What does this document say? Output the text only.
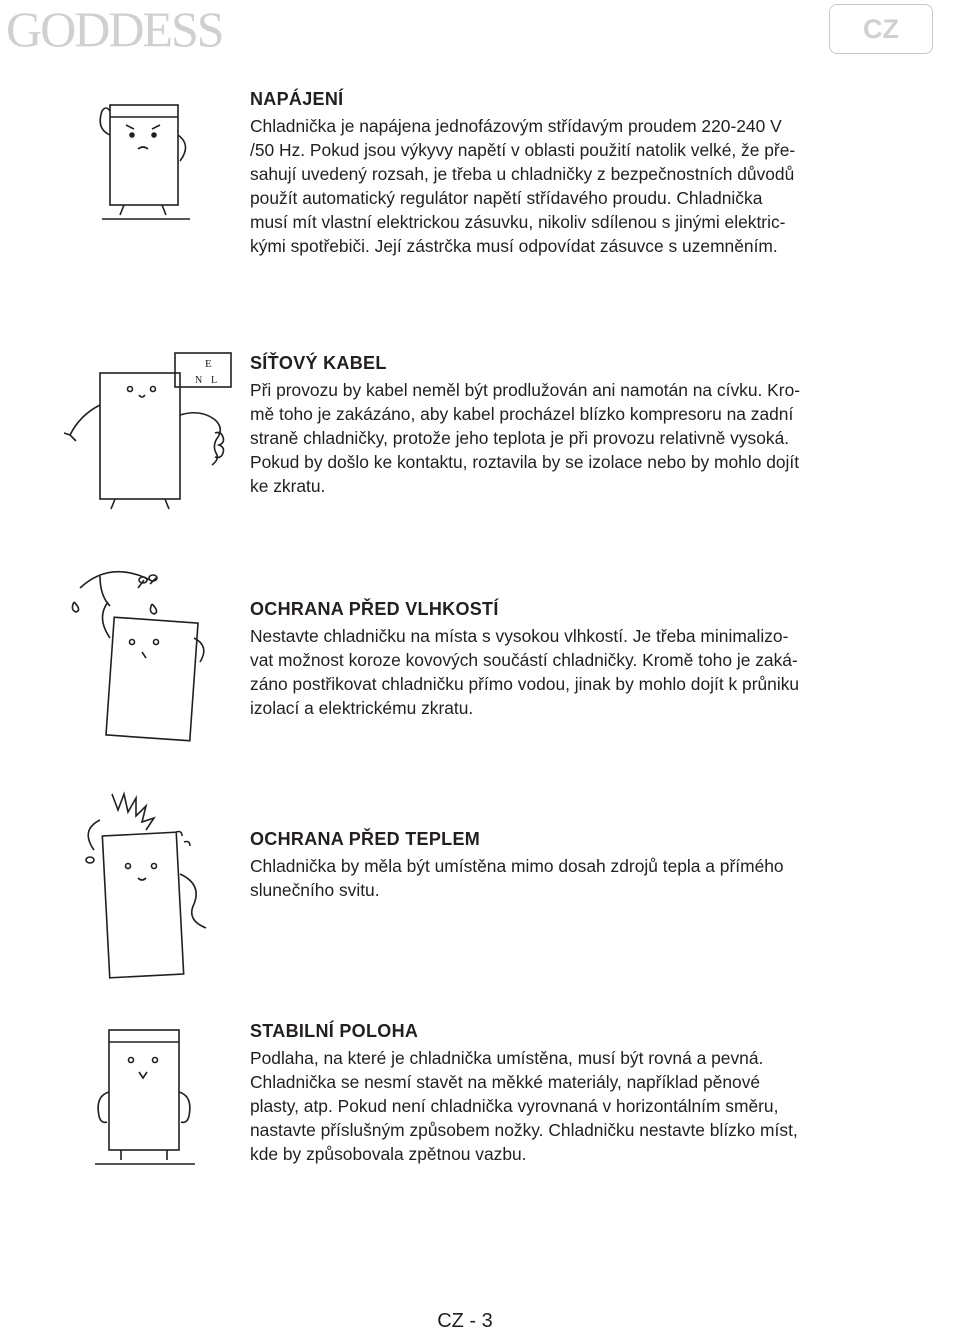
GODDESS	CZ
NAPÁJENÍ

Chladnička je napájena jednofázovým střídavým proudem 220-240 V
/50 Hz. Pokud jsou výkyvy napětí v oblasti použití natolik velké, že pře-
sahují uvedený rozsah, je třeba u chladničky z bezpečnostních důvodů
použít automatický regulátor napětí střídavého proudu. Chladnička
musí mít vlastní elektrickou zásuvku, nikoliv sdílenou s jinými elektric-
kými spotřebiči. Její zástrčka musí odpovídat zásuvce s uzemněním.

E
N L
SÍŤOVÝ KABEL

Při provozu by kabel neměl být prodlužován ani namotán na cívku. Kro-
mě toho je zakázáno, aby kabel procházel blízko kompresoru na zadní
straně chladničky, protože jeho teplota je při provozu relativně vysoká.
Pokud by došlo ke kontaktu, roztavila by se izolace nebo by mohlo dojít
ke zkratu.

OCHRANA PŘED VLHKOSTÍ

Nestavte chladničku na místa s vysokou vlhkostí. Je třeba minimalizo-
vat možnost koroze kovových součástí chladničky. Kromě toho je zaká-
záno postřikovat chladničku přímo vodou, jinak by mohlo dojít k průniku
izolací a elektrickému zkratu.

OCHRANA PŘED TEPLEM

Chladnička by měla být umístěna mimo dosah zdrojů tepla a přímého
slunečního svitu.

STABILNÍ POLOHA

Podlaha, na které je chladnička umístěna, musí být rovná a pevná.
Chladnička se nesmí stavět na měkké materiály, například pěnové
plasty, atp. Pokud není chladnička vyrovnaná v horizontálním směru,
nastavte příslušným způsobem nožky. Chladničku nestavte blízko míst,
kde by způsobovala zpětnou vazbu.

CZ - 3
